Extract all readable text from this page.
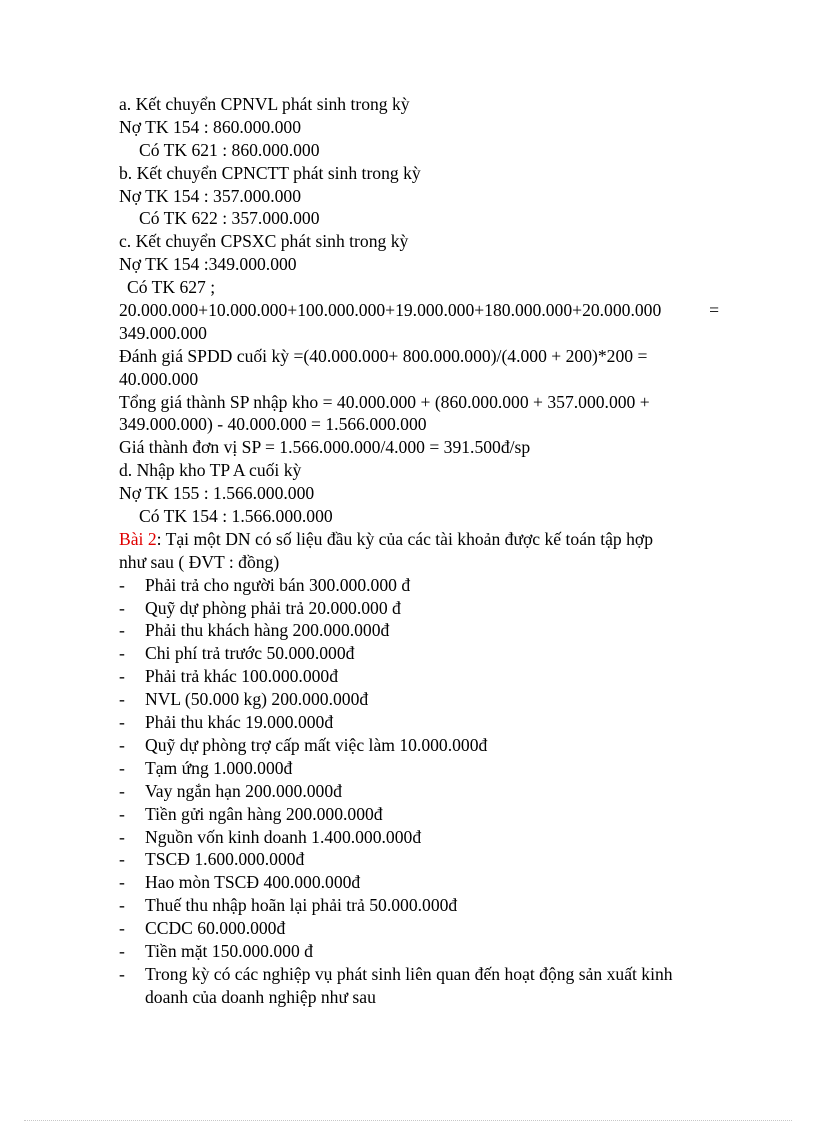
a. Kết chuyển CPNVL phát sinh trong kỳ
Nợ TK 154 : 860.000.000
Có TK 621 : 860.000.000
b. Kết chuyển CPNCTT phát sinh trong kỳ
Nợ TK 154 : 357.000.000
Có TK 622 : 357.000.000
c. Kết chuyển CPSXC phát sinh trong kỳ
Nợ TK 154 :349.000.000
Có TK 627 ;
20.000.000+10.000.000+100.000.000+19.000.000+180.000.000+20.000.000	=
349.000.000
Đánh giá SPDD cuối kỳ =(40.000.000+ 800.000.000)/(4.000 + 200)*200 =
40.000.000
Tổng giá thành SP nhập kho = 40.000.000 + (860.000.000 + 357.000.000 +
349.000.000) - 40.000.000 = 1.566.000.000
Giá thành đơn vị SP = 1.566.000.000/4.000 = 391.500đ/sp
d. Nhập kho TP A cuối kỳ
Nợ TK 155 : 1.566.000.000
Có TK 154 : 1.566.000.000
Bài 2: Tại một DN có số liệu đầu kỳ của các tài khoản được kế toán tập hợp
như sau ( ĐVT : đồng)
- Phải trả cho người bán 300.000.000 đ
- Quỹ dự phòng phải trả 20.000.000 đ
- Phải thu khách hàng 200.000.000đ
- Chi phí trả trước 50.000.000đ
- Phải trả khác 100.000.000đ
- NVL (50.000 kg) 200.000.000đ
- Phải thu khác 19.000.000đ
- Quỹ dự phòng trợ cấp mất việc làm 10.000.000đ
- Tạm ứng 1.000.000đ
- Vay ngắn hạn 200.000.000đ
- Tiền gửi ngân hàng 200.000.000đ
- Nguồn vốn kinh doanh 1.400.000.000đ
- TSCĐ 1.600.000.000đ
- Hao mòn TSCĐ 400.000.000đ
- Thuế thu nhập hoãn lại phải trả 50.000.000đ
- CCDC 60.000.000đ
- Tiền mặt 150.000.000 đ
- Trong kỳ có các nghiệp vụ phát sinh liên quan đến hoạt động sản xuất kinh
doanh của doanh nghiệp như sau
